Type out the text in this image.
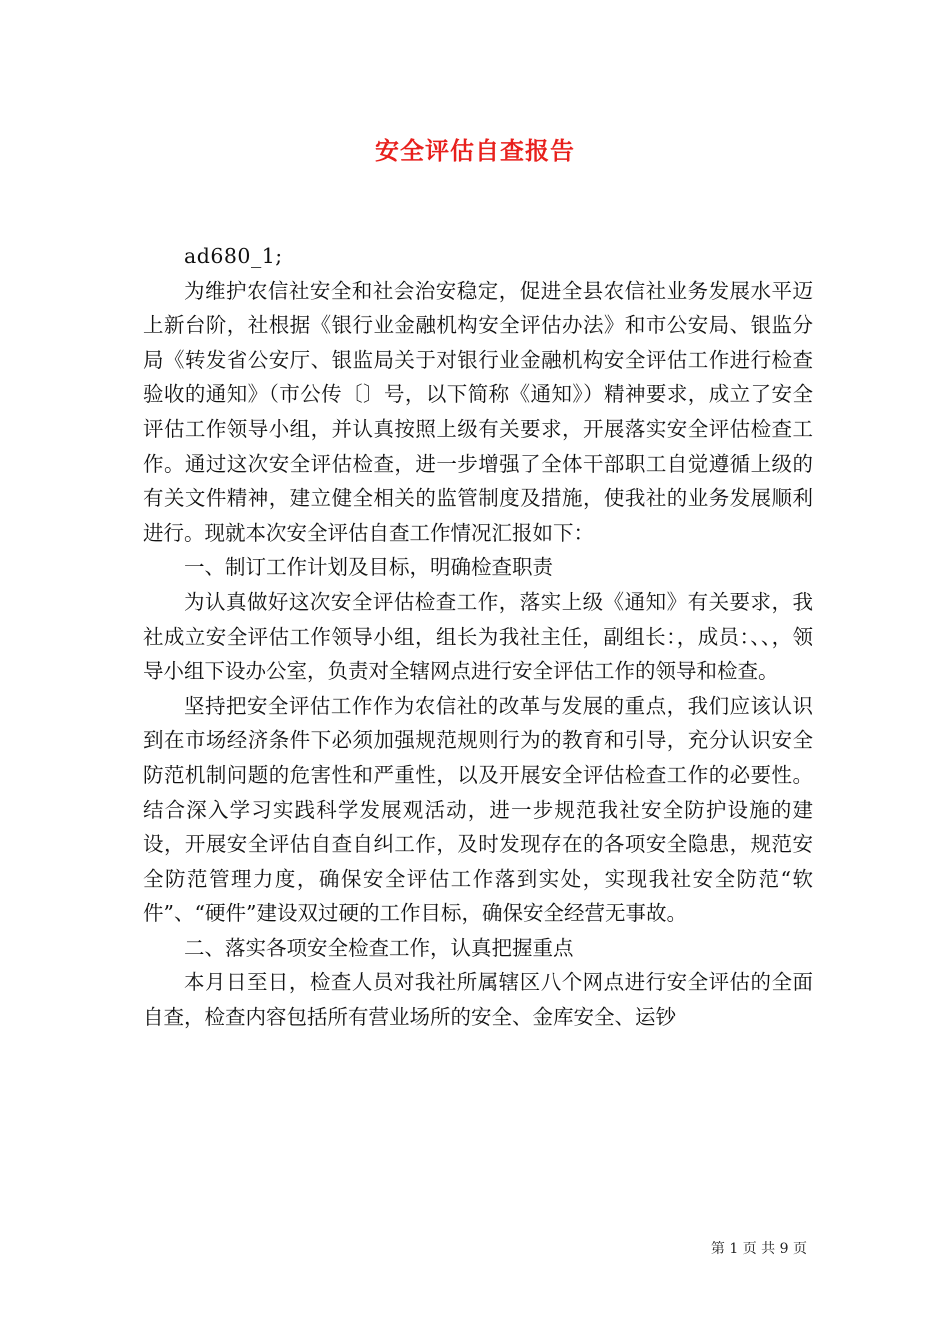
安全评估自查报告

ad680_1;

为维护农信社安全和社会治安稳定，促进全县农信社业务发展水平迈上新台阶，社根据《银行业金融机构安全评估办法》和市公安局、银监分局《转发省公安厅、银监局关于对银行业金融机构安全评估工作进行检查验收的通知》（市公传〔〕号，以下简称《通知》）精神要求，成立了安全评估工作领导小组，并认真按照上级有关要求，开展落实安全评估检查工作。通过这次安全评估检查，进一步增强了全体干部职工自觉遵循上级的有关文件精神，建立健全相关的监管制度及措施，使我社的业务发展顺利进行。现就本次安全评估自查工作情况汇报如下：

一、制订工作计划及目标，明确检查职责

为认真做好这次安全评估检查工作，落实上级《通知》有关要求，我社成立安全评估工作领导小组，组长为我社主任，副组长：，成员：、、，领导小组下设办公室，负责对全辖网点进行安全评估工作的领导和检查。

坚持把安全评估工作作为农信社的改革与发展的重点，我们应该认识到在市场经济条件下必须加强规范规则行为的教育和引导，充分认识安全防范机制问题的危害性和严重性，以及开展安全评估检查工作的必要性。结合深入学习实践科学发展观活动，进一步规范我社安全防护设施的建设，开展安全评估自查自纠工作，及时发现存在的各项安全隐患，规范安全防范管理力度，确保安全评估工作落到实处，实现我社安全防范“软件”、“硬件”建设双过硬的工作目标，确保安全经营无事故。

二、落实各项安全检查工作，认真把握重点

本月日至日，检查人员对我社所属辖区八个网点进行安全评估的全面自查，检查内容包括所有营业场所的安全、金库安全、运钞

第 1 页 共 9 页
